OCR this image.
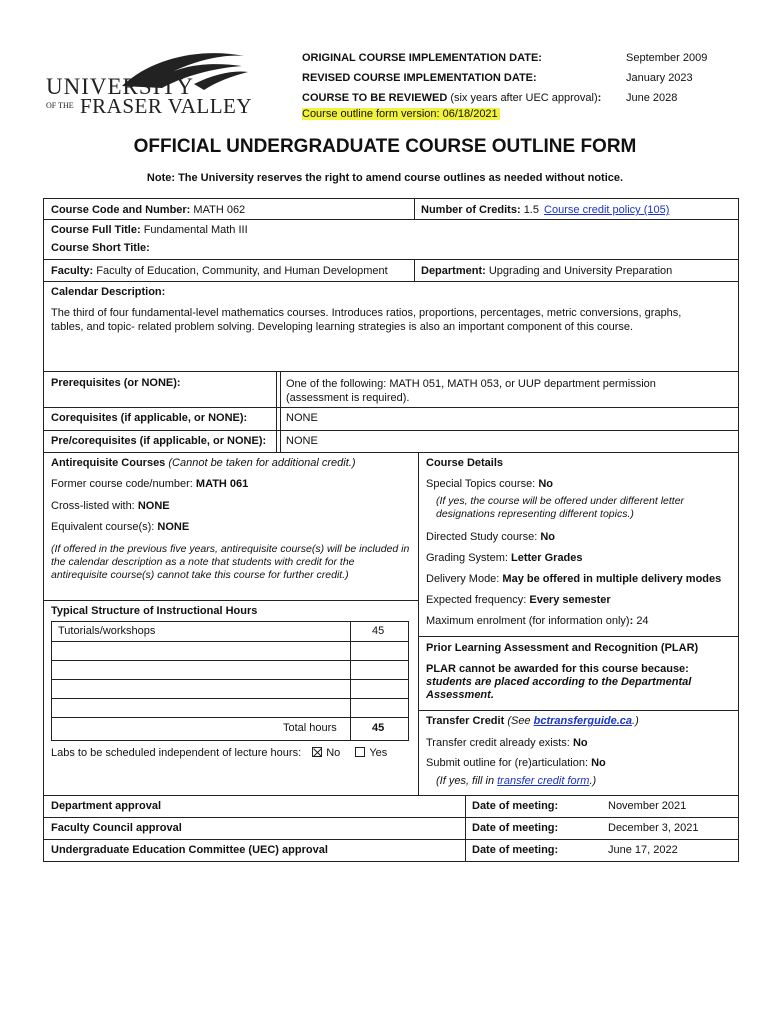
UNIVERSITY
OF THE FRASER VALLEY
ORIGINAL COURSE IMPLEMENTATION DATE:	September 2009
REVISED COURSE IMPLEMENTATION DATE:	January 2023
COURSE TO BE REVIEWED (six years after UEC approval): June 2028
Course outline form version: 06/18/2021
OFFICIAL UNDERGRADUATE COURSE OUTLINE FORM
Note: The University reserves the right to amend course outlines as needed without notice.
Course Code and Number: MATH 062	Number of Credits: 1.5 Course credit policy (105)
Course Full Title: Fundamental Math III
Course Short Title:
Faculty: Faculty of Education, Community, and Human Development	Department: Upgrading and University Preparation
Calendar Description:
The third of four fundamental-level mathematics courses. Introduces ratios, proportions, percentages, metric conversions, graphs, tables, and topic- related problem solving. Developing learning strategies is also an important component of this course.
Prerequisites (or NONE):	One of the following: MATH 051, MATH 053, or UUP department permission (assessment is required).
Corequisites (if applicable, or NONE):	NONE
Pre/corequisites (if applicable, or NONE): NONE
Antirequisite Courses (Cannot be taken for additional credit.)
Former course code/number: MATH 061
Cross-listed with: NONE
Equivalent course(s): NONE
(If offered in the previous five years, antirequisite course(s) will be included in the calendar description as a note that students with credit for the antirequisite course(s) cannot take this course for further credit.)
Typical Structure of Instructional Hours
Tutorials/workshops	45
Total hours	45
Labs to be scheduled independent of lecture hours: No	Yes
Course Details
Special Topics course: No
(If yes, the course will be offered under different letter designations representing different topics.)
Directed Study course: No
Grading System: Letter Grades
Delivery Mode: May be offered in multiple delivery modes
Expected frequency: Every semester
Maximum enrolment (for information only): 24
Prior Learning Assessment and Recognition (PLAR)
PLAR cannot be awarded for this course because:
students are placed according to the Departmental Assessment.
Transfer Credit (See bctransferguide.ca.)
Transfer credit already exists: No
Submit outline for (re)articulation: No
(If yes, fill in transfer credit form.)
Department approval	Date of meeting:	November 2021
Faculty Council approval	Date of meeting:	December 3, 2021
Undergraduate Education Committee (UEC) approval	Date of meeting:	June 17, 2022
